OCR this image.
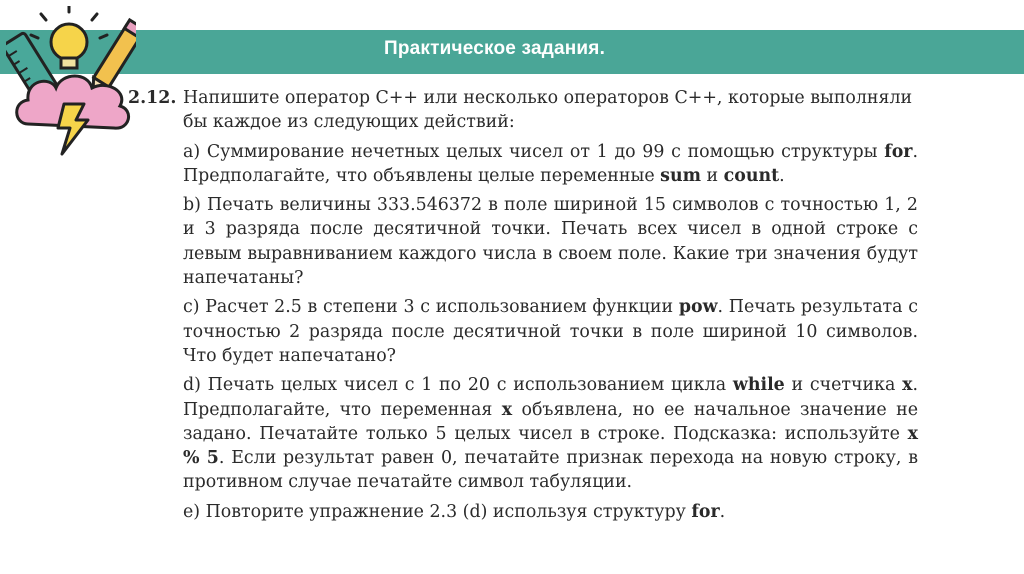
Практическое задания.
2.12. Напишите оператор С++ или несколько операторов С++, которые выполняли бы каждое из следующих действий:
a) Суммирование нечетных целых чисел от 1 до 99 с помощью структуры for. Предполагайте, что объявлены целые переменные sum и count.
b) Печать величины 333.546372 в поле шириной 15 символов с точностью 1, 2 и 3 разряда после десятичной точки. Печать всех чисел в одной строке с левым выравниванием каждого числа в своем поле. Какие три значения будут напечатаны?
c) Расчет 2.5 в степени 3 с использованием функции pow. Печать результата с точностью 2 разряда после десятичной точки в поле шириной 10 символов. Что будет напечатано?
d) Печать целых чисел с 1 по 20 с использованием цикла while и счетчика x. Предполагайте, что переменная x объявлена, но ее начальное значение не задано. Печатайте только 5 целых чисел в строке. Подсказка: используйте x % 5. Если результат равен 0, печатайте признак перехода на новую строку, в противном случае печатайте символ табуляции.
e) Повторите упражнение 2.3 (d) используя структуру for.
